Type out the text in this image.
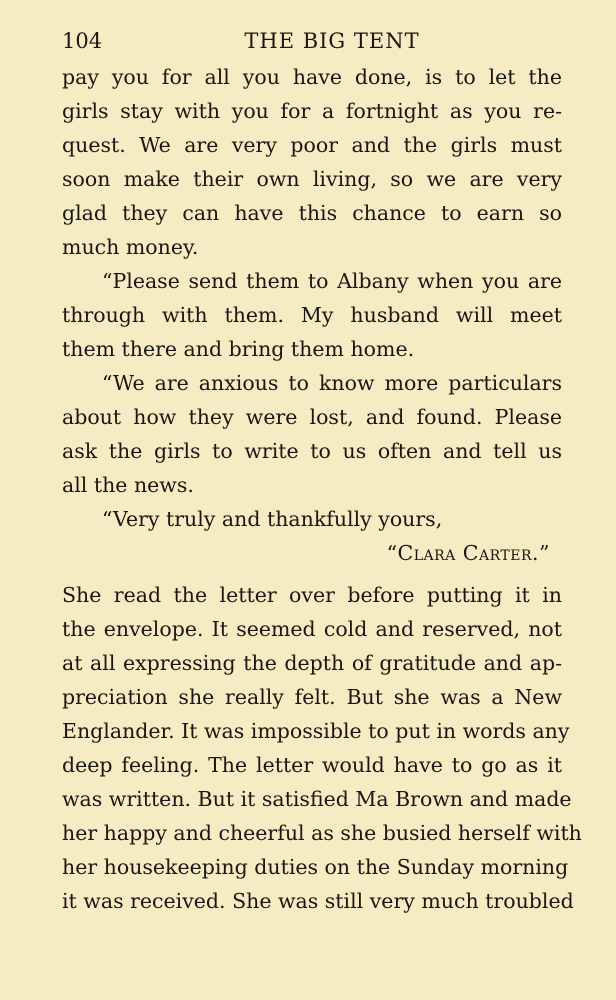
104	THE BIG TENT
pay you for all you have done, is to let the
girls stay with you for a fortnight as you re-
quest. We are very poor and the girls must
soon make their own living, so we are very
glad they can have this chance to earn so
much money.
“Please send them to Albany when you are
through with them. My husband will meet
them there and bring them home.
“We are anxious to know more particulars
about how they were lost, and found. Please
ask the girls to write to us often and tell us
all the news.
“Very truly and thankfully yours,
“Clara Carter.”
She read the letter over before putting it in
the envelope. It seemed cold and reserved, not
at all expressing the depth of gratitude and ap-
preciation she really felt. But she was a New
Englander. It was impossible to put in words any
deep feeling. The letter would have to go as it
was written. But it satisfied Ma Brown and made
her happy and cheerful as she busied herself with
her housekeeping duties on the Sunday morning
it was received. She was still very much troubled
